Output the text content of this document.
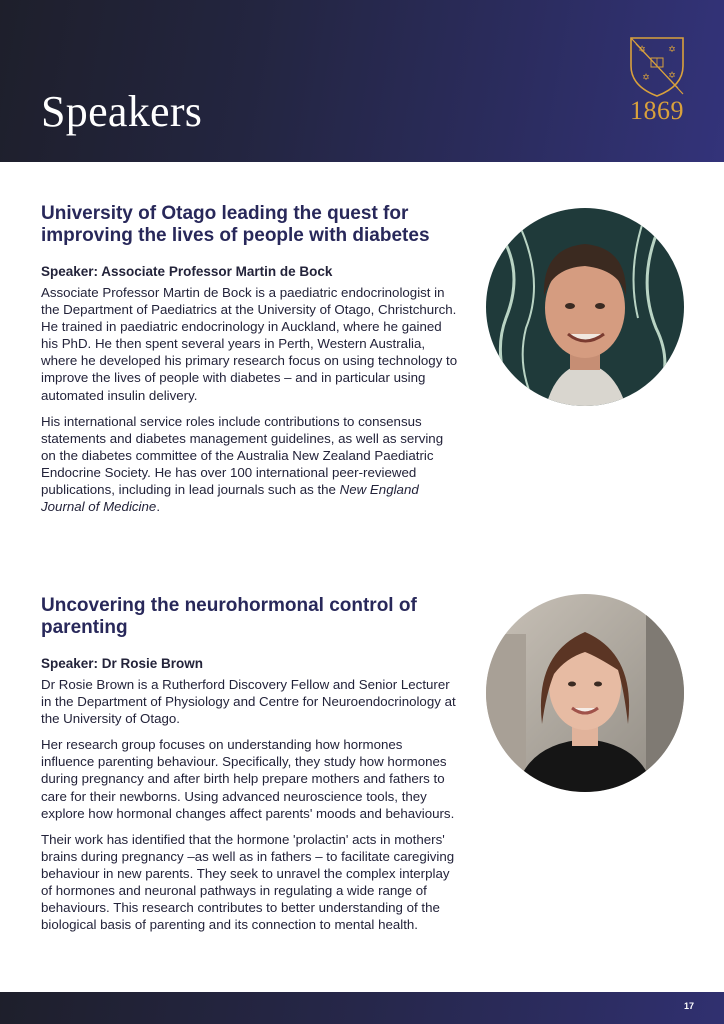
Speakers
✡ ✡
✡
✡
1869
University of Otago leading the quest for improving the lives of people with diabetes

Speaker: Associate Professor Martin de Bock

Associate Professor Martin de Bock is a paediatric endocrinologist in the Department of Paediatrics at the University of Otago, Christchurch. He trained in paediatric endocrinology in Auckland, where he gained his PhD. He then spent several years in Perth, Western Australia, where he developed his primary research focus on using technology to improve the lives of people with diabetes – and in particular using automated insulin delivery.

His international service roles include contributions to consensus statements and diabetes management guidelines, as well as serving on the diabetes committee of the Australia New Zealand Paediatric Endocrine Society. He has over 100 international peer-reviewed publications, including in lead journals such as the New England Journal of Medicine.

Uncovering the neurohormonal control of parenting

Speaker: Dr Rosie Brown

Dr Rosie Brown is a Rutherford Discovery Fellow and Senior Lecturer in the Department of Physiology and Centre for Neuroendocrinology at the University of Otago.

Her research group focuses on understanding how hormones influence parenting behaviour. Specifically, they study how hormones during pregnancy and after birth help prepare mothers and fathers to care for their newborns. Using advanced neuroscience tools, they explore how hormonal changes affect parents' moods and behaviours.

Their work has identified that the hormone 'prolactin' acts in mothers' brains during pregnancy –as well as in fathers – to facilitate caregiving behaviour in new parents. They seek to unravel the complex interplay of hormones and neuronal pathways in regulating a wide range of behaviours. This research contributes to better understanding of the biological basis of parenting and its connection to mental health.

17
